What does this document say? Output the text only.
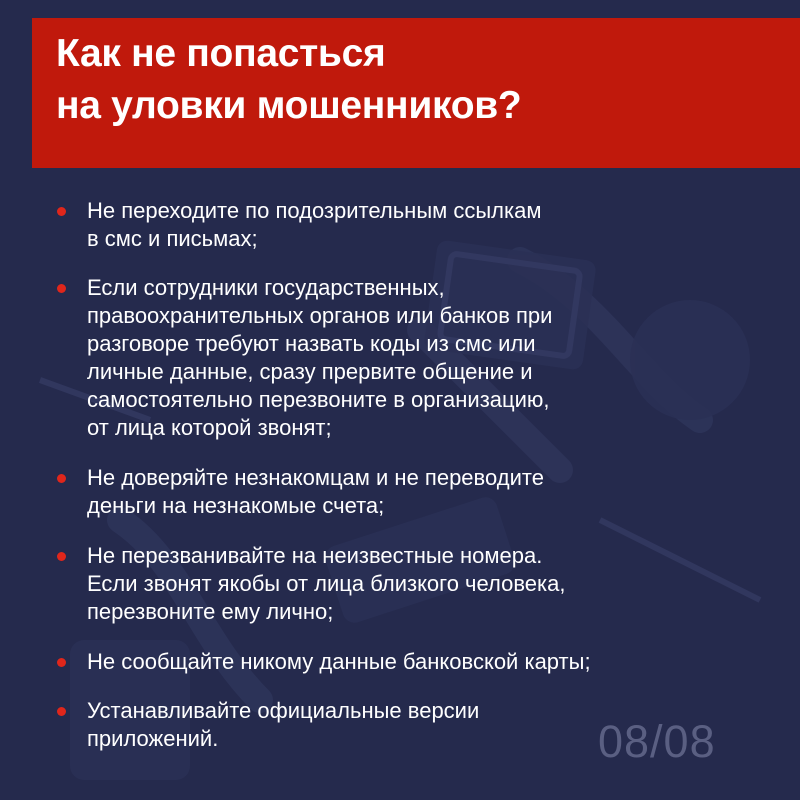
Как не попасться
на уловки мошенников?
Не переходите по подозрительным ссылкам
в смс и письмах;
Если сотрудники государственных,
правоохранительных органов или банков при
разговоре требуют назвать коды из смс или
личные данные, сразу прервите общение и
самостоятельно перезвоните в организацию,
от лица которой звонят;
Не доверяйте незнакомцам и не переводите
деньги на незнакомые счета;
Не перезванивайте на неизвестные номера.
Если звонят якобы от лица близкого человека,
перезвоните ему лично;
Не сообщайте никому данные банковской карты;
Устанавливайте официальные версии
приложений.	08/08
